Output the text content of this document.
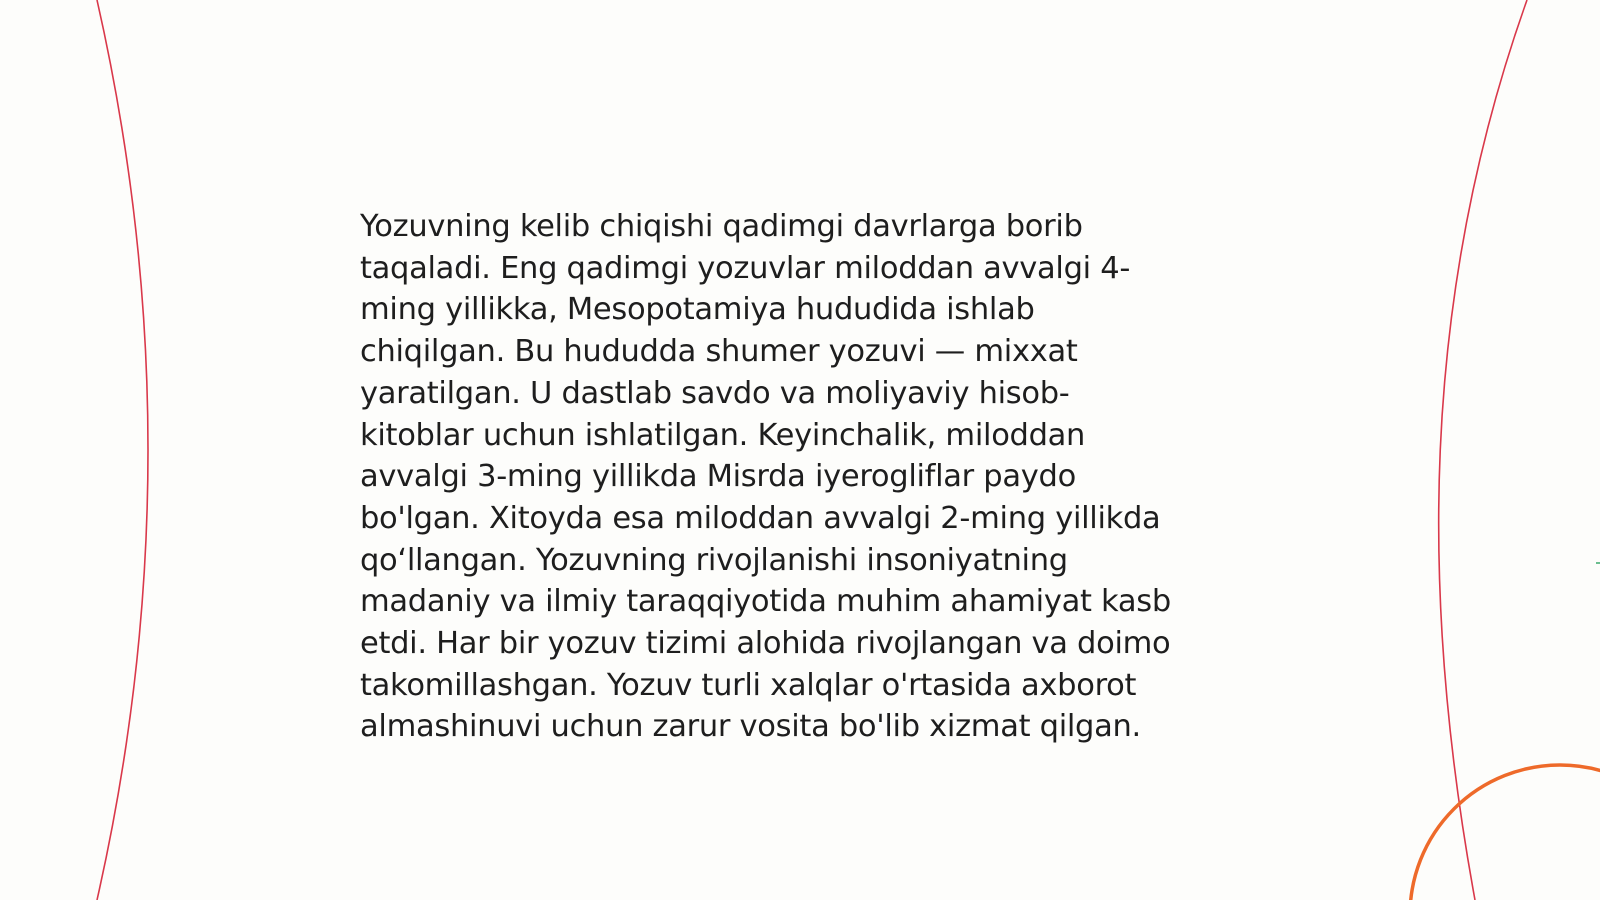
Yozuvning kelib chiqishi qadimgi davrlarga borib
taqaladi. Eng qadimgi yozuvlar miloddan avvalgi 4-
ming yillikka, Mesopotamiya hududida ishlab
chiqilgan. Bu hududda shumer yozuvi — mixxat
yaratilgan. U dastlab savdo va moliyaviy hisob-
kitoblar uchun ishlatilgan. Keyinchalik, miloddan
avvalgi 3-ming yillikda Misrda iyerogliflar paydo
bo'lgan. Xitoyda esa miloddan avvalgi 2-ming yillikda
qo‘llangan. Yozuvning rivojlanishi insoniyatning
madaniy va ilmiy taraqqiyotida muhim ahamiyat kasb
etdi. Har bir yozuv tizimi alohida rivojlangan va doimo
takomillashgan. Yozuv turli xalqlar o'rtasida axborot
almashinuvi uchun zarur vosita bo'lib xizmat qilgan.
